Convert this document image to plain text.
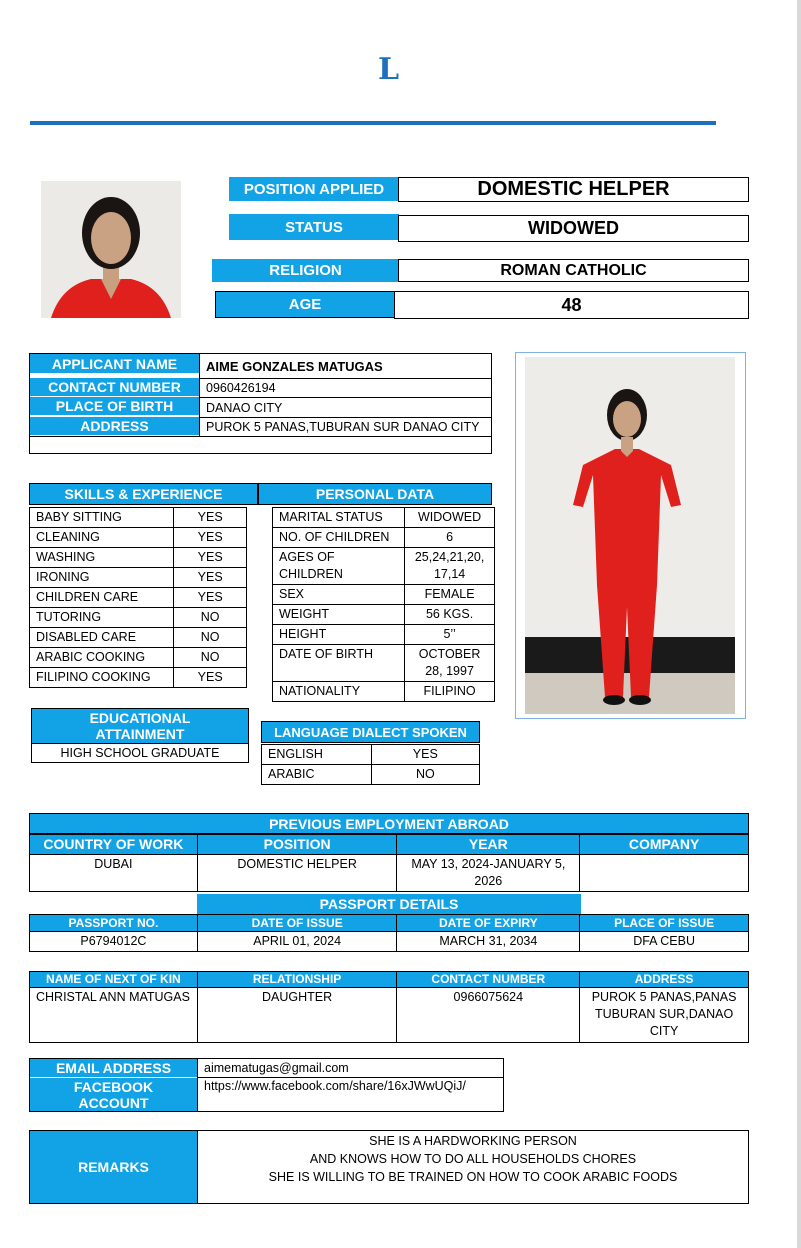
L
POSITION APPLIED	DOMESTIC HELPER
STATUS	WIDOWED
RELIGION	ROMAN CATHOLIC
AGE	48
APPLICANT NAME	AIME GONZALES MATUGAS
CONTACT NUMBER	0960426194
PLACE OF BIRTH	DANAO CITY
ADDRESS	PUROK 5 PANAS,TUBURAN SUR DANAO CITY
SKILLS & EXPERIENCE	PERSONAL DATA
BABY SITTING	YES
CLEANING	YES
WASHING	YES
IRONING	YES
CHILDREN CARE	YES
TUTORING	NO
DISABLED CARE	NO
ARABIC COOKING	NO
FILIPINO COOKING	YES
MARITAL STATUS	WIDOWED
NO. OF CHILDREN	6
AGES OF CHILDREN	25,24,21,20, 17,14
SEX	FEMALE
WEIGHT	56 KGS.
HEIGHT	5’’
DATE OF BIRTH	OCTOBER 28, 1997
NATIONALITY	FILIPINO
EDUCATIONAL ATTAINMENT
HIGH SCHOOL GRADUATE
LANGUAGE DIALECT SPOKEN
ENGLISH	YES
ARABIC	NO
PREVIOUS EMPLOYMENT ABROAD
COUNTRY OF WORK	POSITION	YEAR	COMPANY
DUBAI	DOMESTIC HELPER	MAY 13, 2024-JANUARY 5, 2026	
PASSPORT DETAILS
PASSPORT NO.	DATE OF ISSUE	DATE OF EXPIRY	PLACE OF ISSUE
P6794012C	APRIL 01, 2024	MARCH 31, 2034	DFA CEBU
NAME OF NEXT OF KIN	RELATIONSHIP	CONTACT NUMBER	ADDRESS
CHRISTAL ANN MATUGAS	DAUGHTER	0966075624	PUROK 5 PANAS,PANAS TUBURAN SUR,DANAO CITY
EMAIL ADDRESS	aimematugas@gmail.com
FACEBOOK ACCOUNT
https://www.facebook.com/share/16xJWwUQiJ/
REMARKS
SHE IS A HARDWORKING PERSON
AND KNOWS HOW TO DO ALL HOUSEHOLDS CHORES
SHE IS WILLING TO BE TRAINED ON HOW TO COOK ARABIC FOODS
